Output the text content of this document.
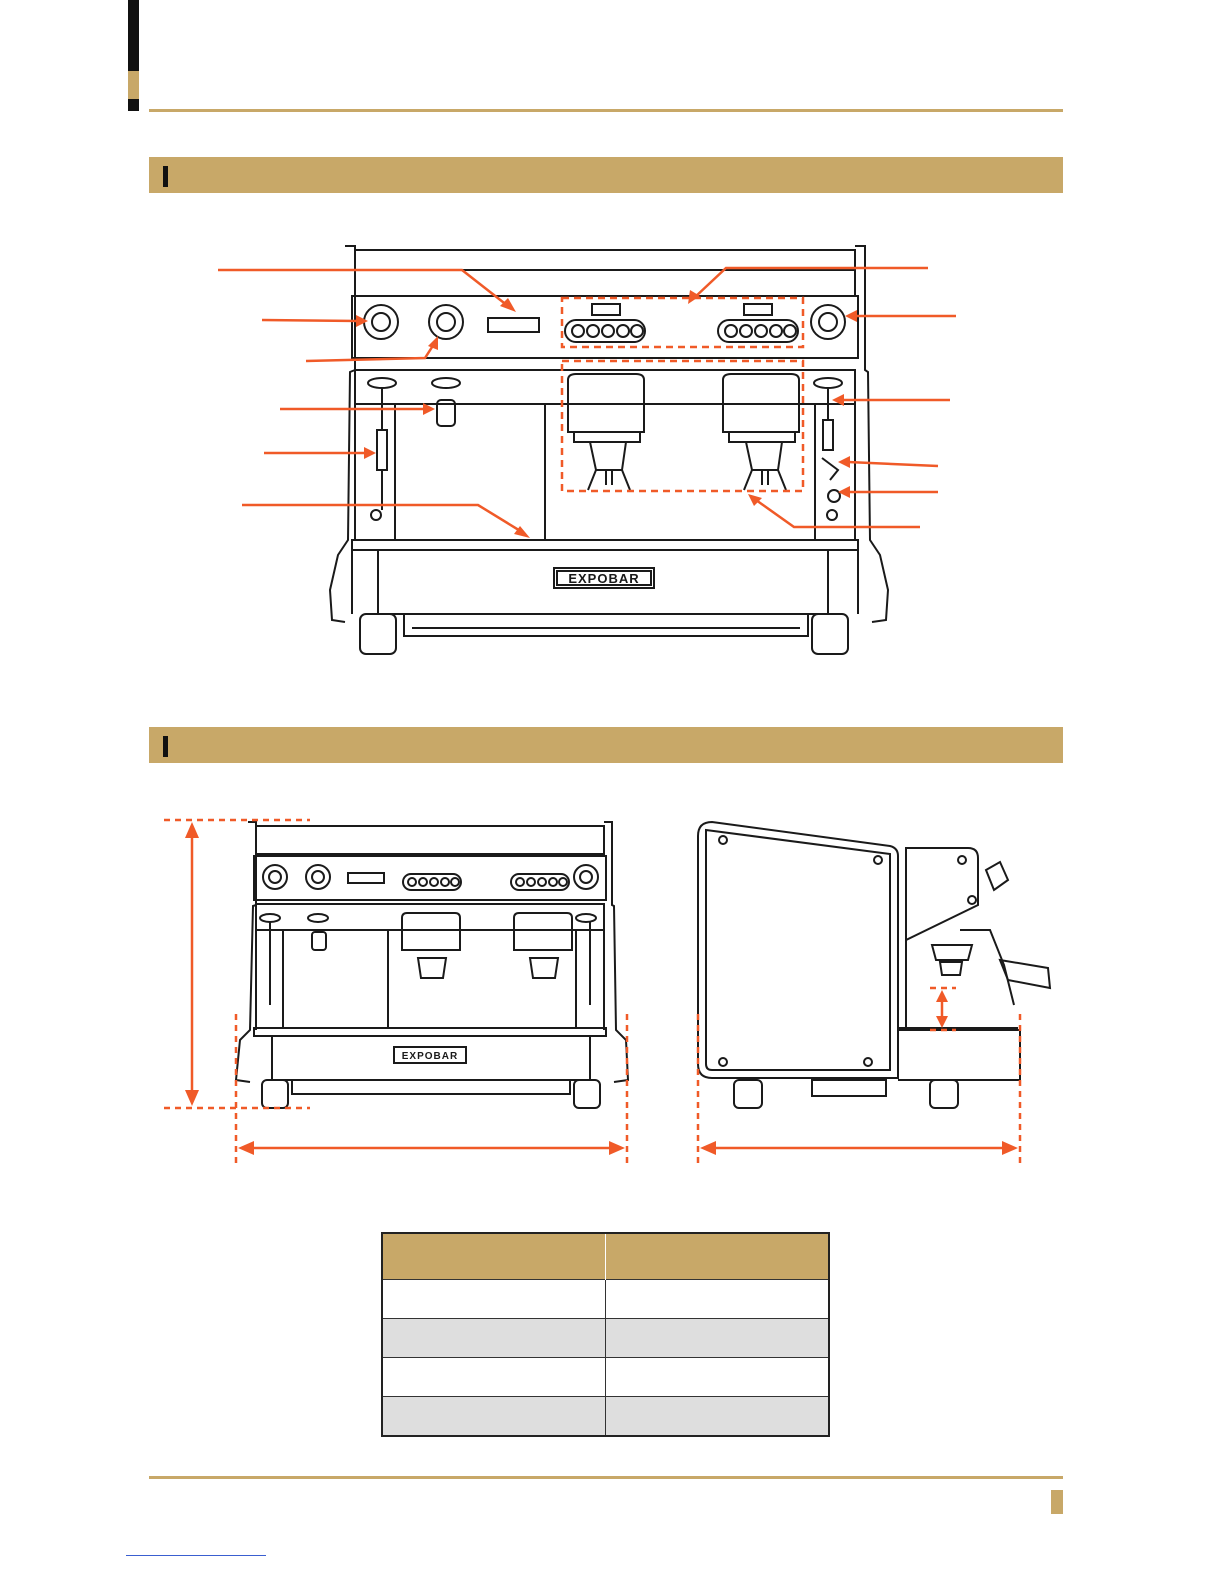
EXPOBAR
EXPOBAR
